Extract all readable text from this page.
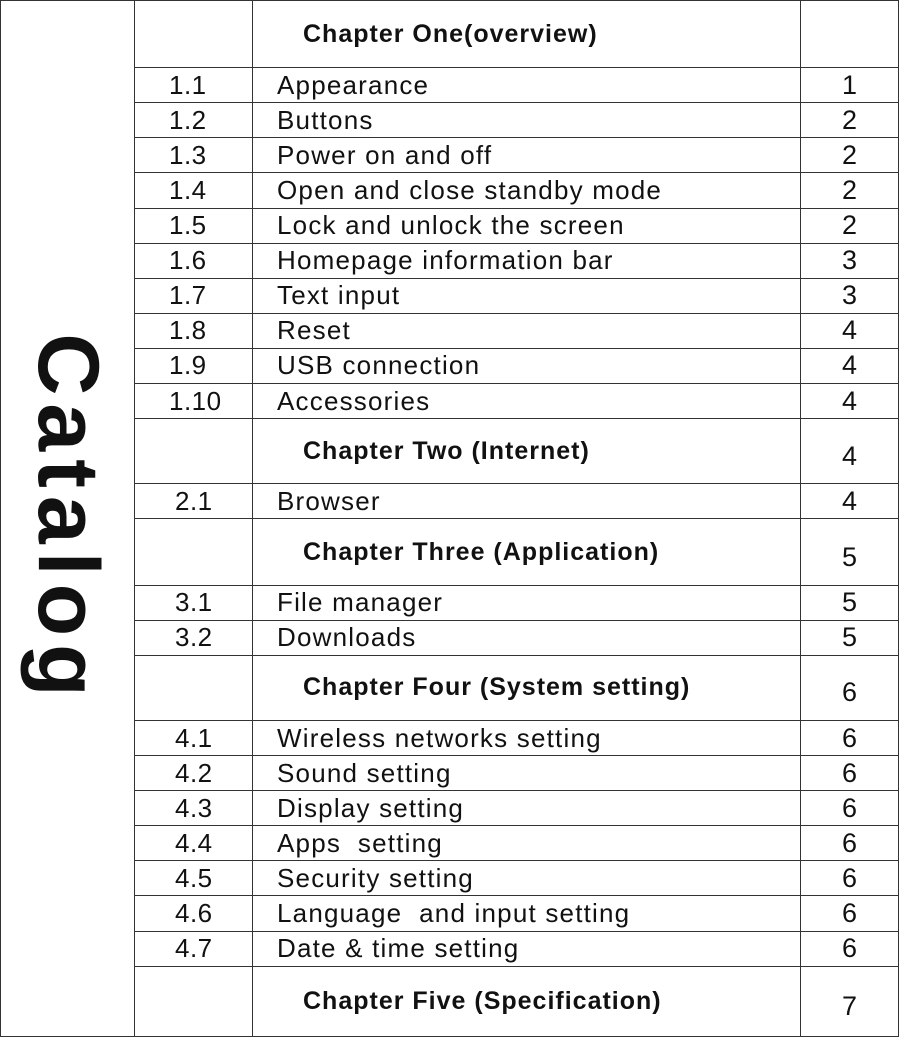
Catalog		Chapter One(overview)	
	1.1	Appearance	1
	1.2	Buttons	2
	1.3	Power on and off	2
	1.4	Open and close standby mode	2
	1.5	Lock and unlock the screen	2
	1.6	Homepage information bar	3
	1.7	Text input	3
	1.8	Reset	4
	1.9	USB connection	4
	1.10	Accessories	4
		Chapter Two (Internet)	4
	2.1	Browser	4
		Chapter Three (Application)	5
	3.1	File manager	5
	3.2	Downloads	5
		Chapter Four (System setting)	6
	4.1	Wireless networks setting	6
	4.2	Sound setting	6
	4.3	Display setting	6
	4.4	Apps  setting	6
	4.5	Security setting	6
	4.6	Language  and input setting	6
	4.7	Date & time setting	6
		Chapter Five (Specification)	7
